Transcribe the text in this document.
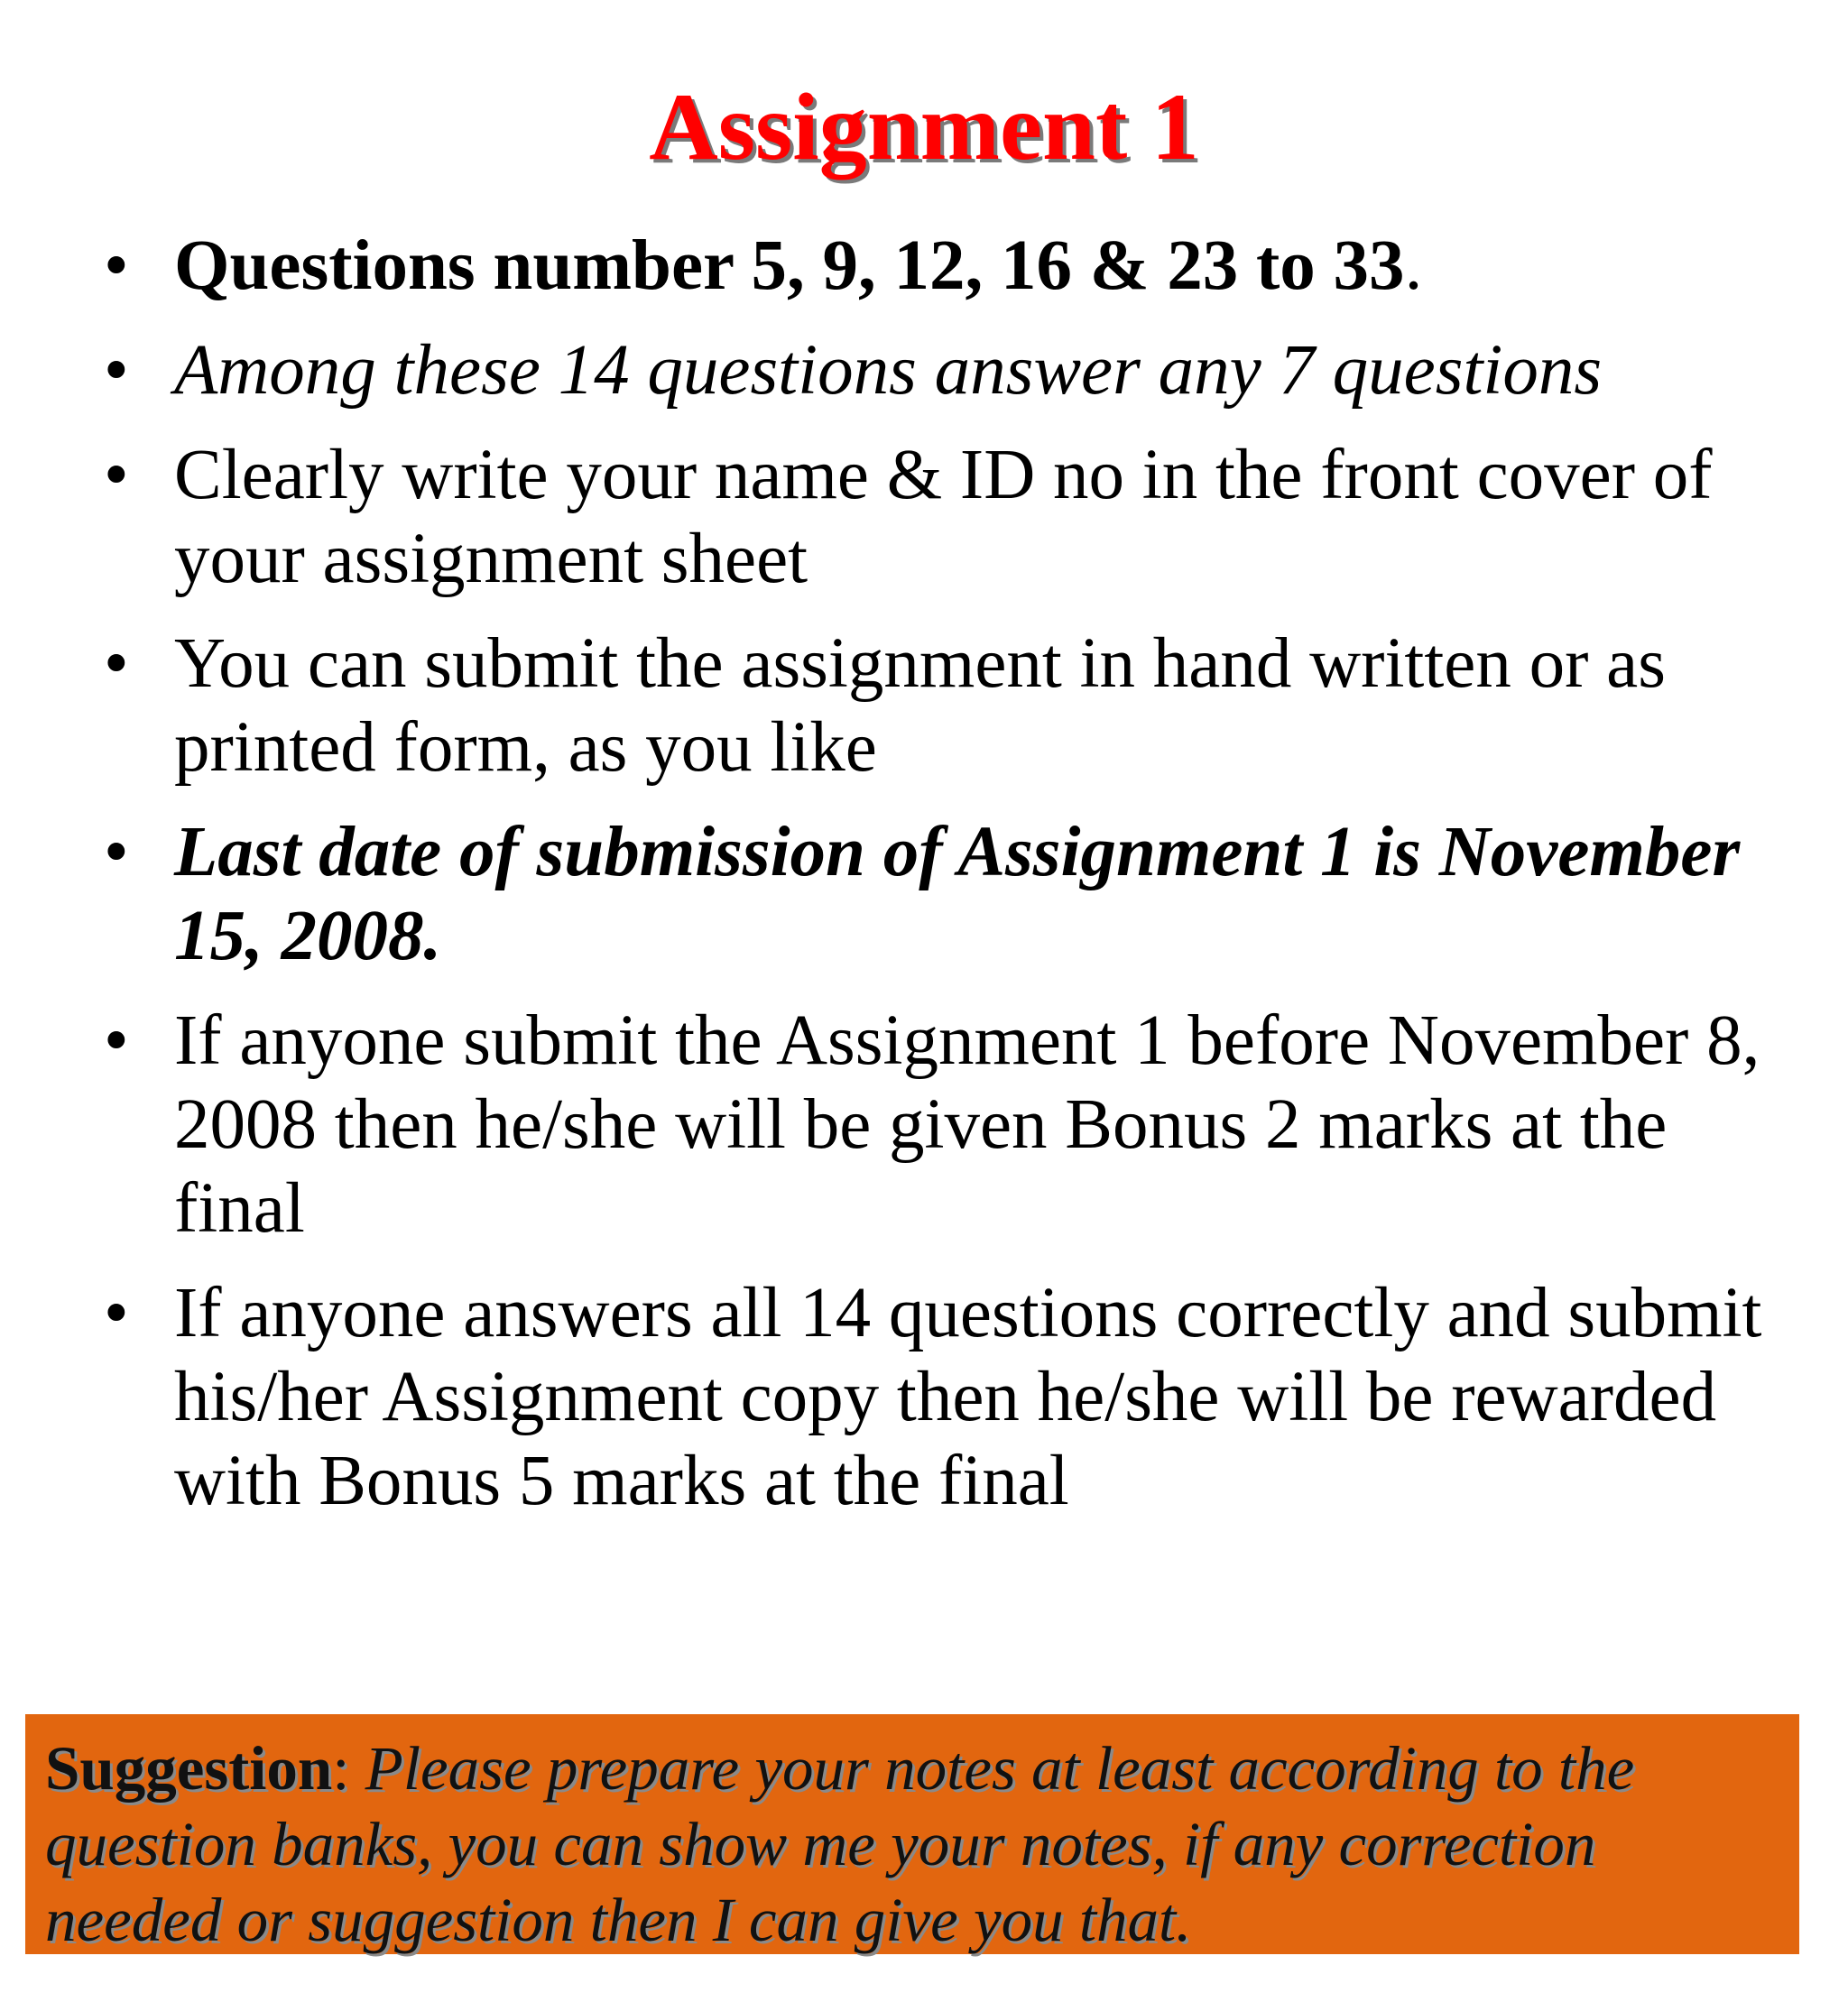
Assignment 1
• Questions number 5, 9, 12, 16 & 23 to 33.
• Among these 14 questions answer any 7 questions
• Clearly write your name & ID no in the front cover of your assignment sheet
• You can submit the assignment in hand written or as printed form, as you like
• Last date of submission of Assignment 1 is November 15, 2008.
• If anyone submit the Assignment 1 before November 8, 2008 then he/she will be given Bonus 2 marks at the final
• If anyone answers all 14 questions correctly and submit his/her Assignment copy then he/she will be rewarded with Bonus 5 marks at the final
Suggestion: Please prepare your notes at least according to the question banks, you can show me your notes, if any correction needed or suggestion then I can give you that.
